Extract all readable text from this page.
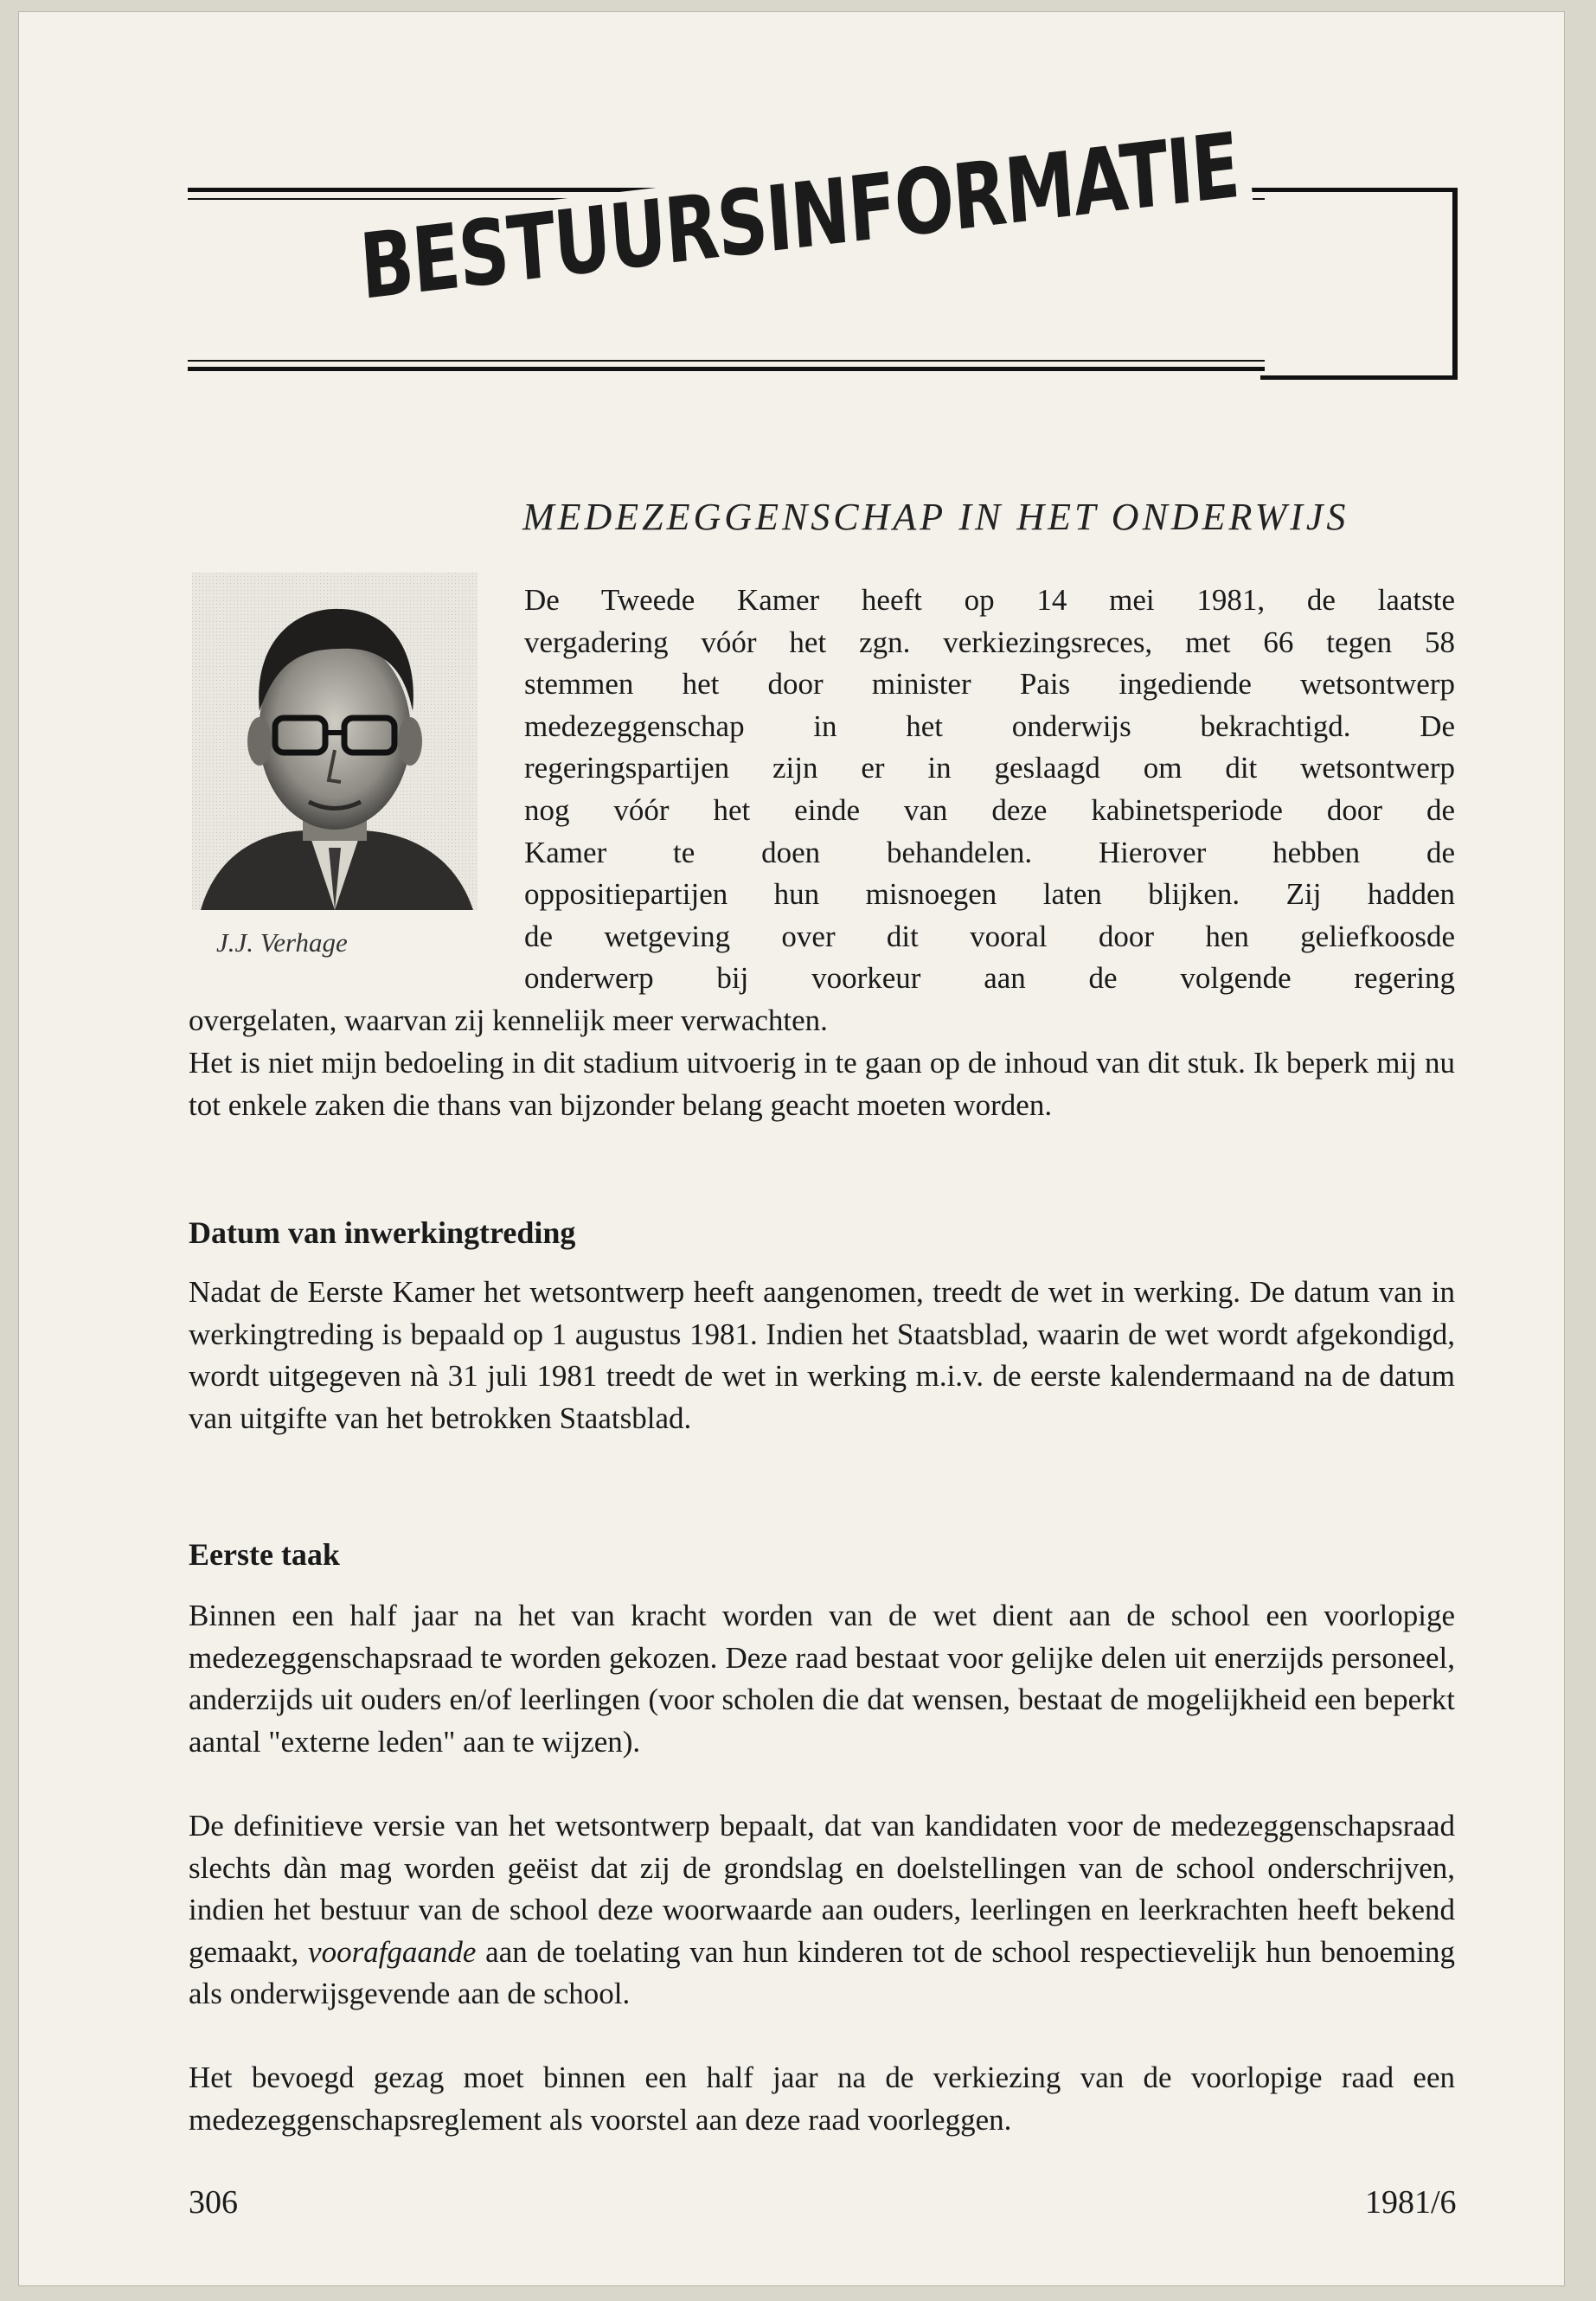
BESTUURSINFORMATIE
MEDEZEGGENSCHAP IN HET ONDERWIJS
J.J. Verhage
De Tweede Kamer heeft op 14 mei 1981, de laatste
vergadering vóór het zgn. verkiezingsreces, met 66 tegen 58
stemmen het door minister Pais ingediende wetsontwerp
medezeggenschap in het onderwijs bekrachtigd. De
regeringspartijen zijn er in geslaagd om dit wetsontwerp
nog vóór het einde van deze kabinetsperiode door de
Kamer te doen behandelen. Hierover hebben de
oppositiepartijen hun misnoegen laten blijken. Zij hadden
de wetgeving over dit vooral door hen geliefkoosde
onderwerp bij voorkeur aan de volgende regering

overgelaten, waarvan zij kennelijk meer verwachten.

Het is niet mijn bedoeling in dit stadium uitvoerig in te gaan op de inhoud van dit stuk. Ik beperk mij nu tot enkele zaken die thans van bijzonder belang geacht moeten worden.

Datum van inwerkingtreding

Nadat de Eerste Kamer het wetsontwerp heeft aangenomen, treedt de wet in werking. De datum van in werkingtreding is bepaald op 1 augustus 1981. Indien het Staatsblad, waarin de wet wordt afgekondigd, wordt uitgegeven nà 31 juli 1981 treedt de wet in werking m.i.v. de eerste kalendermaand na de datum van uitgifte van het betrokken Staatsblad.

Eerste taak

Binnen een half jaar na het van kracht worden van de wet dient aan de school een voorlopige medezeggenschapsraad te worden gekozen. Deze raad bestaat voor gelijke delen uit enerzijds personeel, anderzijds uit ouders en/of leerlingen (voor scholen die dat wensen, bestaat de mogelijkheid een beperkt aantal "externe leden" aan te wijzen).

De definitieve versie van het wetsontwerp bepaalt, dat van kandidaten voor de medezeggenschapsraad slechts dàn mag worden geëist dat zij de grondslag en doelstellingen van de school onderschrijven, indien het bestuur van de school deze woorwaarde aan ouders, leerlingen en leerkrachten heeft bekend gemaakt, voorafgaande aan de toelating van hun kinderen tot de school respectievelijk hun benoeming als onderwijsgevende aan de school.

Het bevoegd gezag moet binnen een half jaar na de verkiezing van de voorlopige raad een medezeggenschapsreglement als voorstel aan deze raad voorleggen.

306	1981/6
